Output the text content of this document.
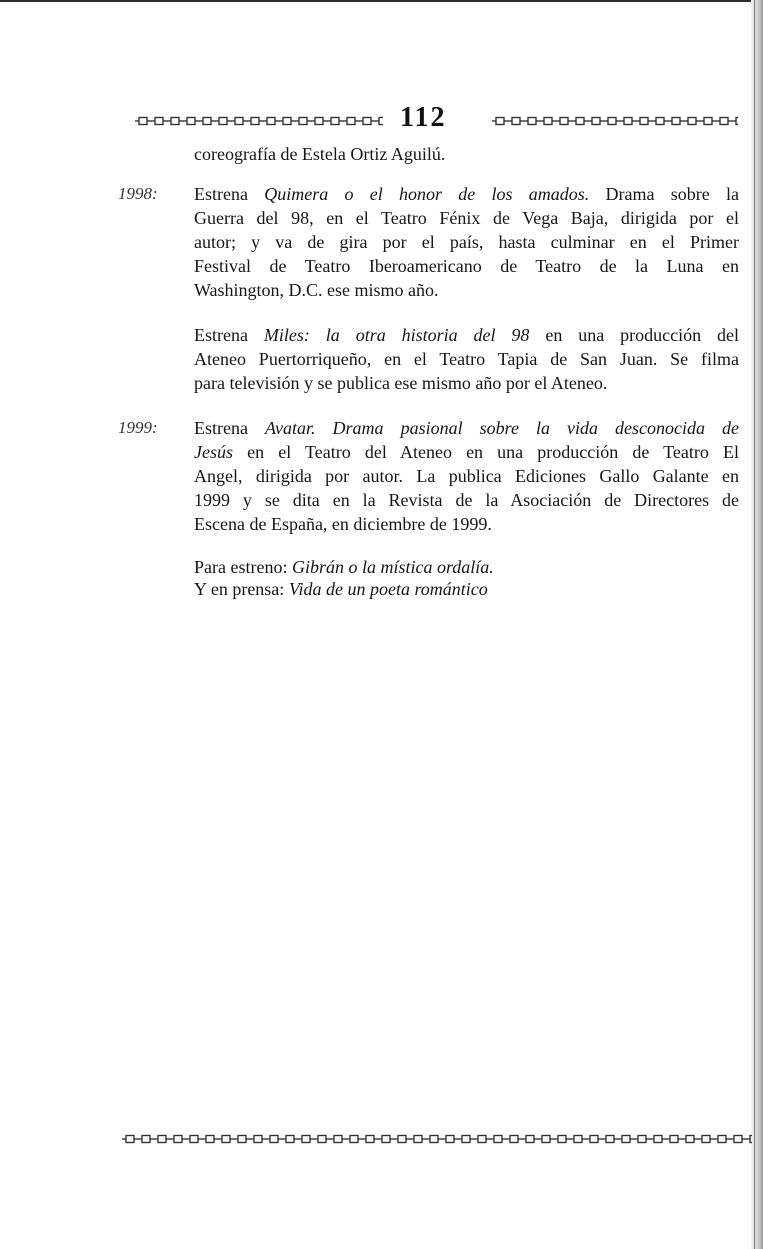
112
coreografía de Estela Ortiz Aguilú.
1998: Estrena Quimera o el honor de los amados. Drama sobre la
Guerra del 98, en el Teatro Fénix de Vega Baja, dirigida por el
autor; y va de gira por el país, hasta culminar en el Primer
Festival de Teatro Iberoamericano de Teatro de la Luna en
Washington, D.C. ese mismo año.
Estrena Miles: la otra historia del 98 en una producción del
Ateneo Puertorriqueño, en el Teatro Tapia de San Juan. Se filma
para televisión y se publica ese mismo año por el Ateneo.
1999: Estrena Avatar. Drama pasional sobre la vida desconocida de
Jesús en el Teatro del Ateneo en una producción de Teatro El
Angel, dirigida por autor. La publica Ediciones Gallo Galante en
1999 y se dita en la Revista de la Asociación de Directores de
Escena de España, en diciembre de 1999.
Para estreno: Gibrán o la mística ordalía.
Y en prensa: Vida de un poeta romántico
